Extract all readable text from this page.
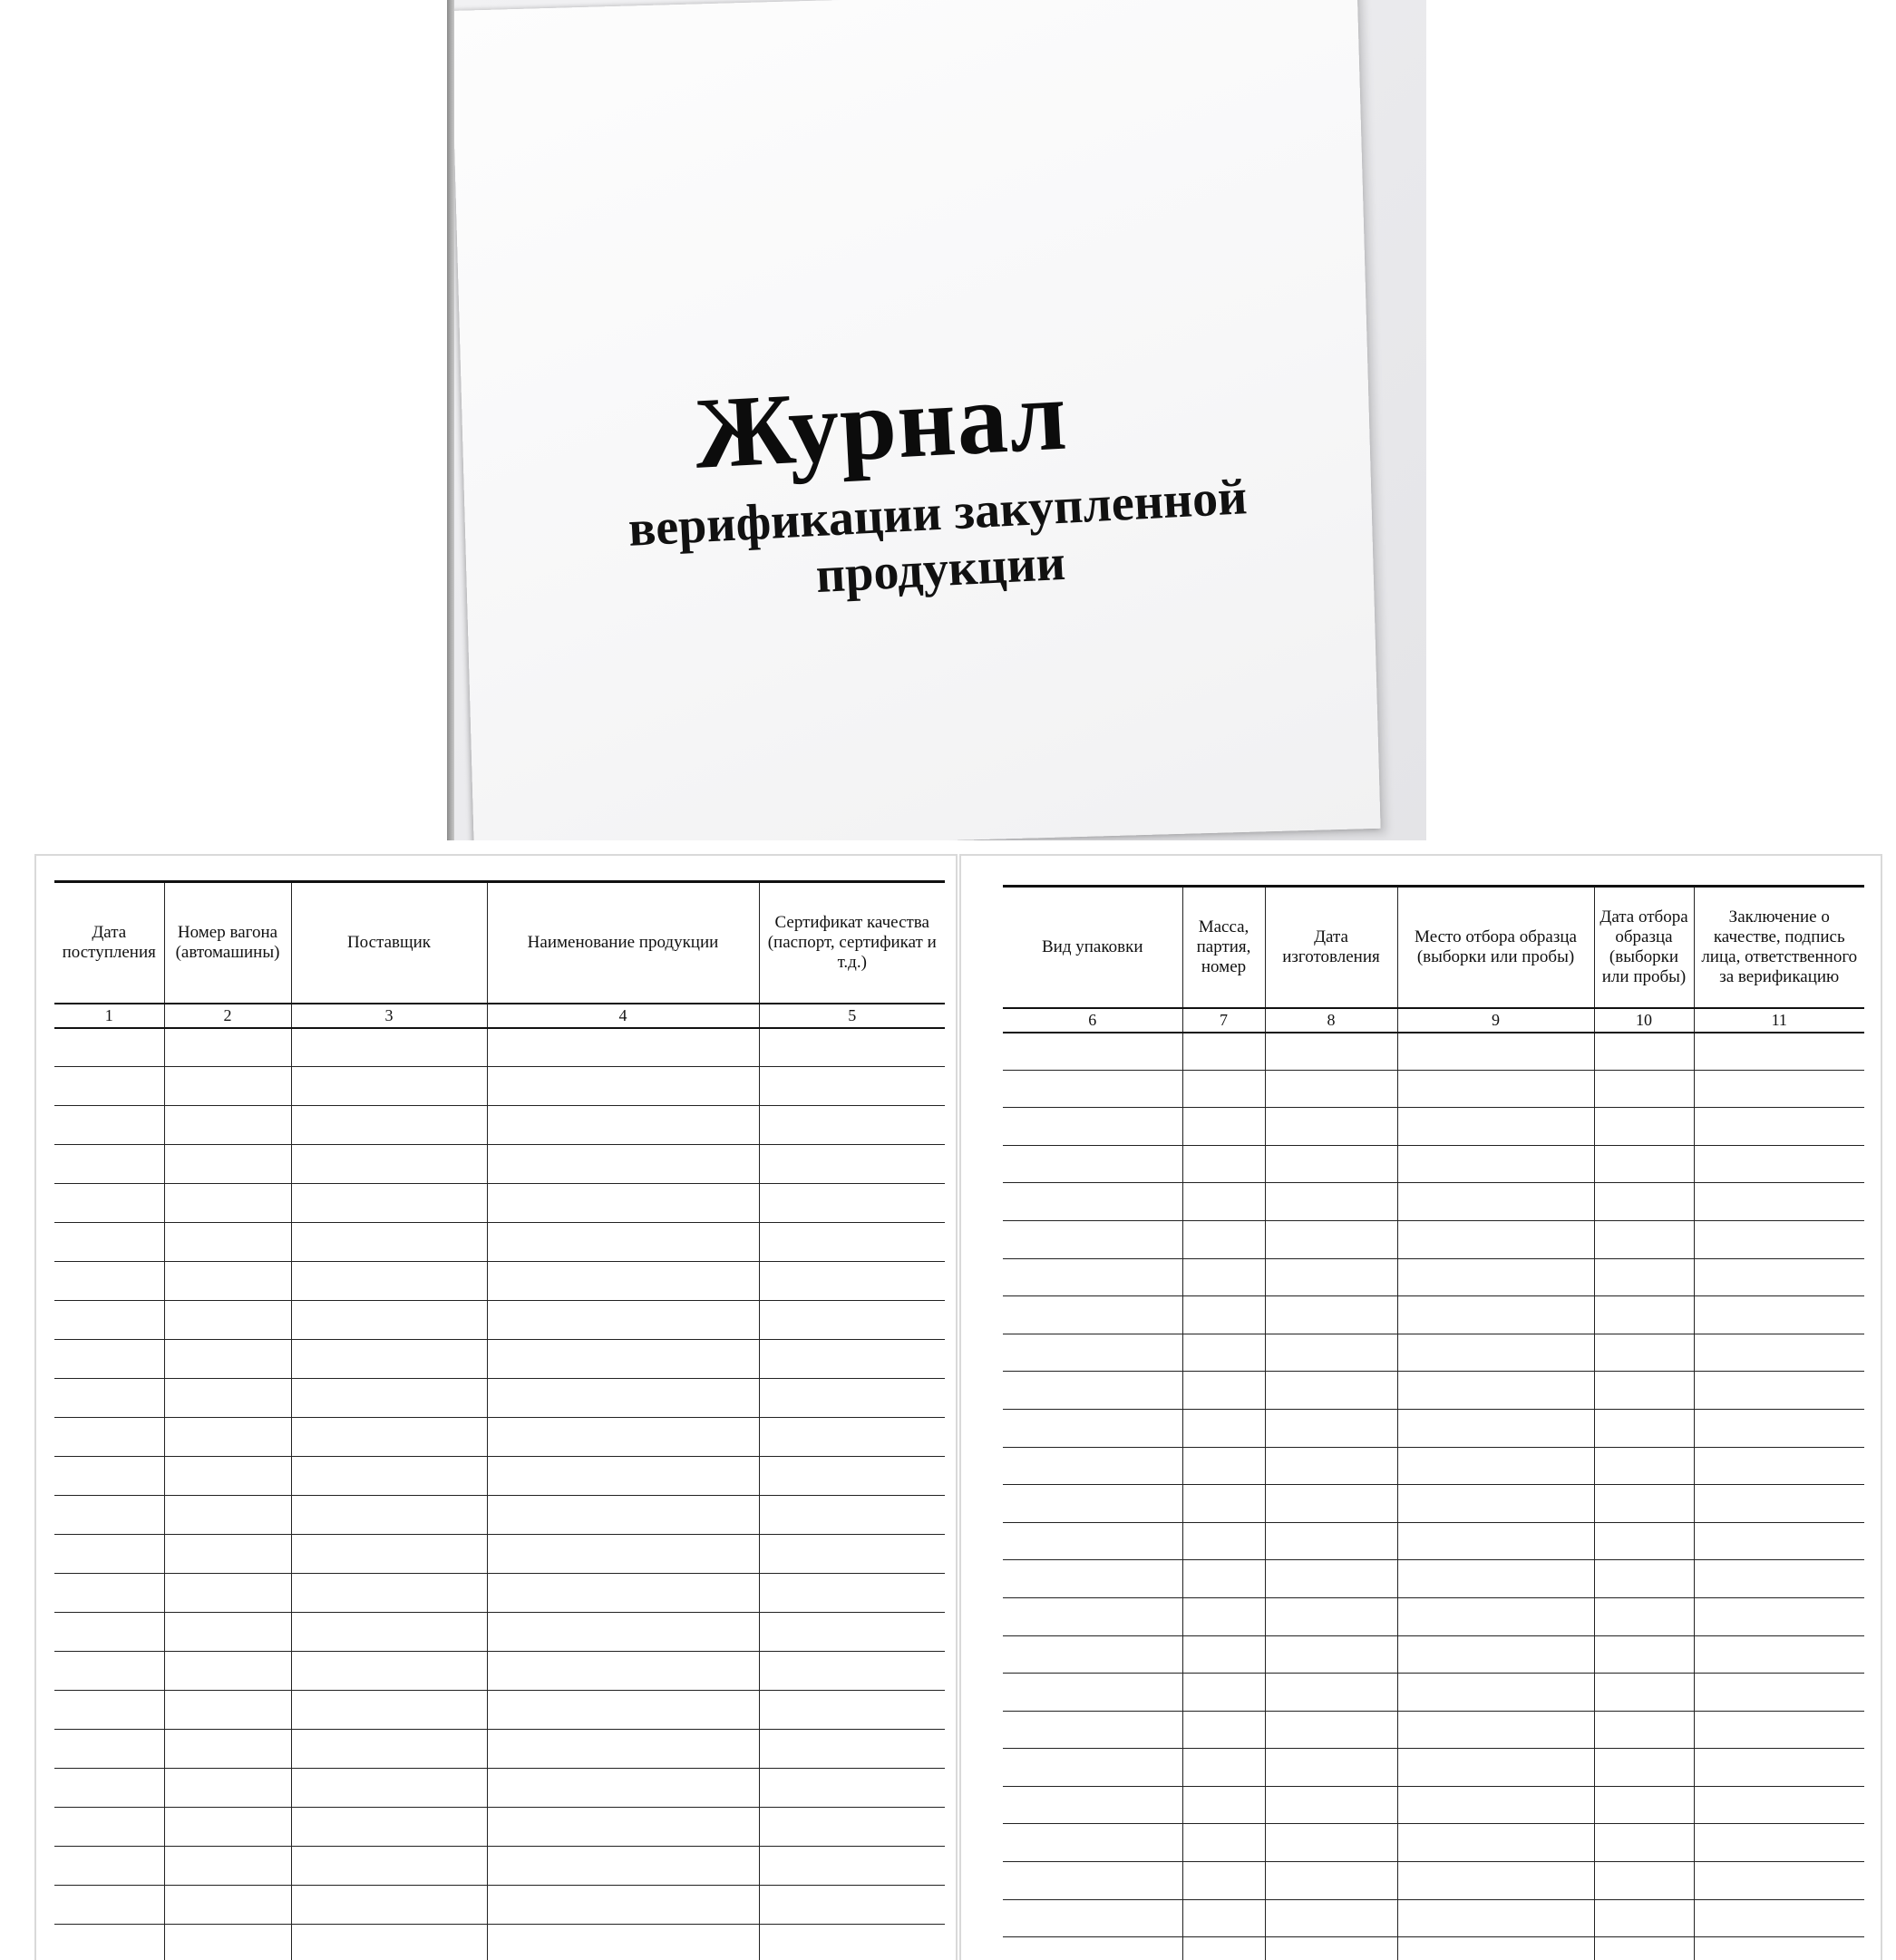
Журнал
верификации закупленной продукции
Дата поступления	Номер вагона (автомашины)	Поставщик	Наименование продукции	Сертификат качества (паспорт, сертификат и т.д.)
1	2	3	4	5

Вид упаковки	Масса, партия, номер	Дата изготовления	Место отбора образца (выборки или пробы)	Дата отбора образца (выборки или пробы)	Заключение о качестве, подпись лица, ответственного за верификацию
6	7	8	9	10	11
